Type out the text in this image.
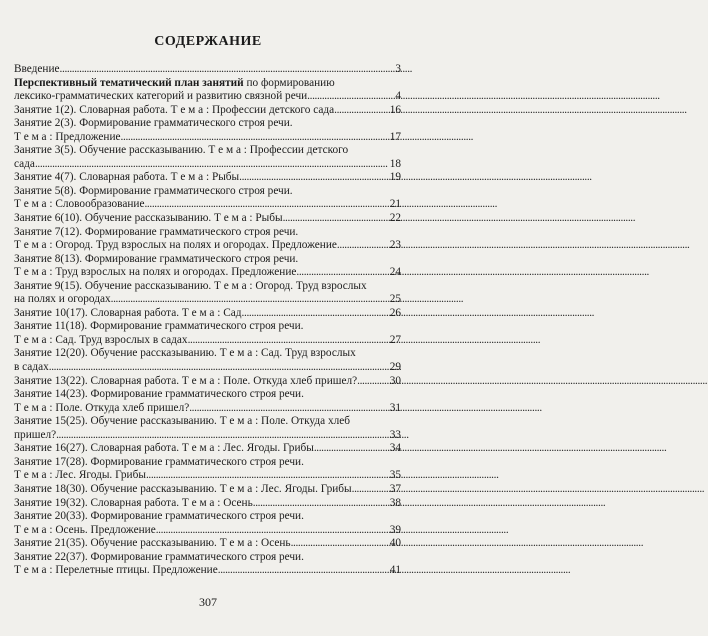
СОДЕРЖАНИЕ
Введение . . .	3
Перспективный тематический план занятий по формированию
лексико-грамматических категорий и развитию связной речи . . .	4
Занятие 1(2). Словарная работа. Т е м а : Профессии детского сада . . .	16
Занятие 2(3). Формирование грамматического строя речи.
Т е м а : Предложение . . .	17
Занятие 3(5). Обучение рассказыванию. Т е м а : Профессии детского
сада . . .	18
Занятие 4(7). Словарная работа. Т е м а : Рыбы . . .	19
Занятие 5(8). Формирование грамматического строя речи.
Т е м а : Словообразование . . .	21
Занятие 6(10). Обучение рассказыванию. Т е м а : Рыбы . . .	22
Занятие 7(12). Формирование грамматического строя речи.
Т е м а : Огород. Труд взрослых на полях и огородах. Предложение . . .	23
Занятие 8(13). Формирование грамматического строя речи.
Т е м а : Труд взрослых на полях и огородах. Предложение . . .	24
Занятие 9(15). Обучение рассказыванию. Т е м а : Огород. Труд взрослых
на полях и огородах . . .	25
Занятие 10(17). Словарная работа. Т е м а : Сад . . .	26
Занятие 11(18). Формирование грамматического строя речи.
Т е м а : Сад. Труд взрослых в садах . . .	27
Занятие 12(20). Обучение рассказыванию. Т е м а : Сад. Труд взрослых
в садах . . .	29
Занятие 13(22). Словарная работа. Т е м а : Поле. Откуда хлеб пришел? . . .	30
Занятие 14(23). Формирование грамматического строя речи.
Т е м а : Поле. Откуда хлеб пришел? . . .	31
Занятие 15(25). Обучение рассказыванию. Т е м а : Поле. Откуда хлеб
пришел? . . .	33
Занятие 16(27). Словарная работа. Т е м а : Лес. Ягоды. Грибы . . .	34
Занятие 17(28). Формирование грамматического строя речи.
Т е м а : Лес. Ягоды. Грибы . . .	35
Занятие 18(30). Обучение рассказыванию. Т е м а : Лес. Ягоды. Грибы . . .	37
Занятие 19(32). Словарная работа. Т е м а : Осень . . .	38
Занятие 20(33). Формирование грамматического строя речи.
Т е м а : Осень. Предложение . . .	39
Занятие 21(35). Обучение рассказыванию. Т е м а : Осень . . .	40
Занятие 22(37). Формирование грамматического строя речи.
Т е м а : Перелетные птицы. Предложение . . .	41
307
